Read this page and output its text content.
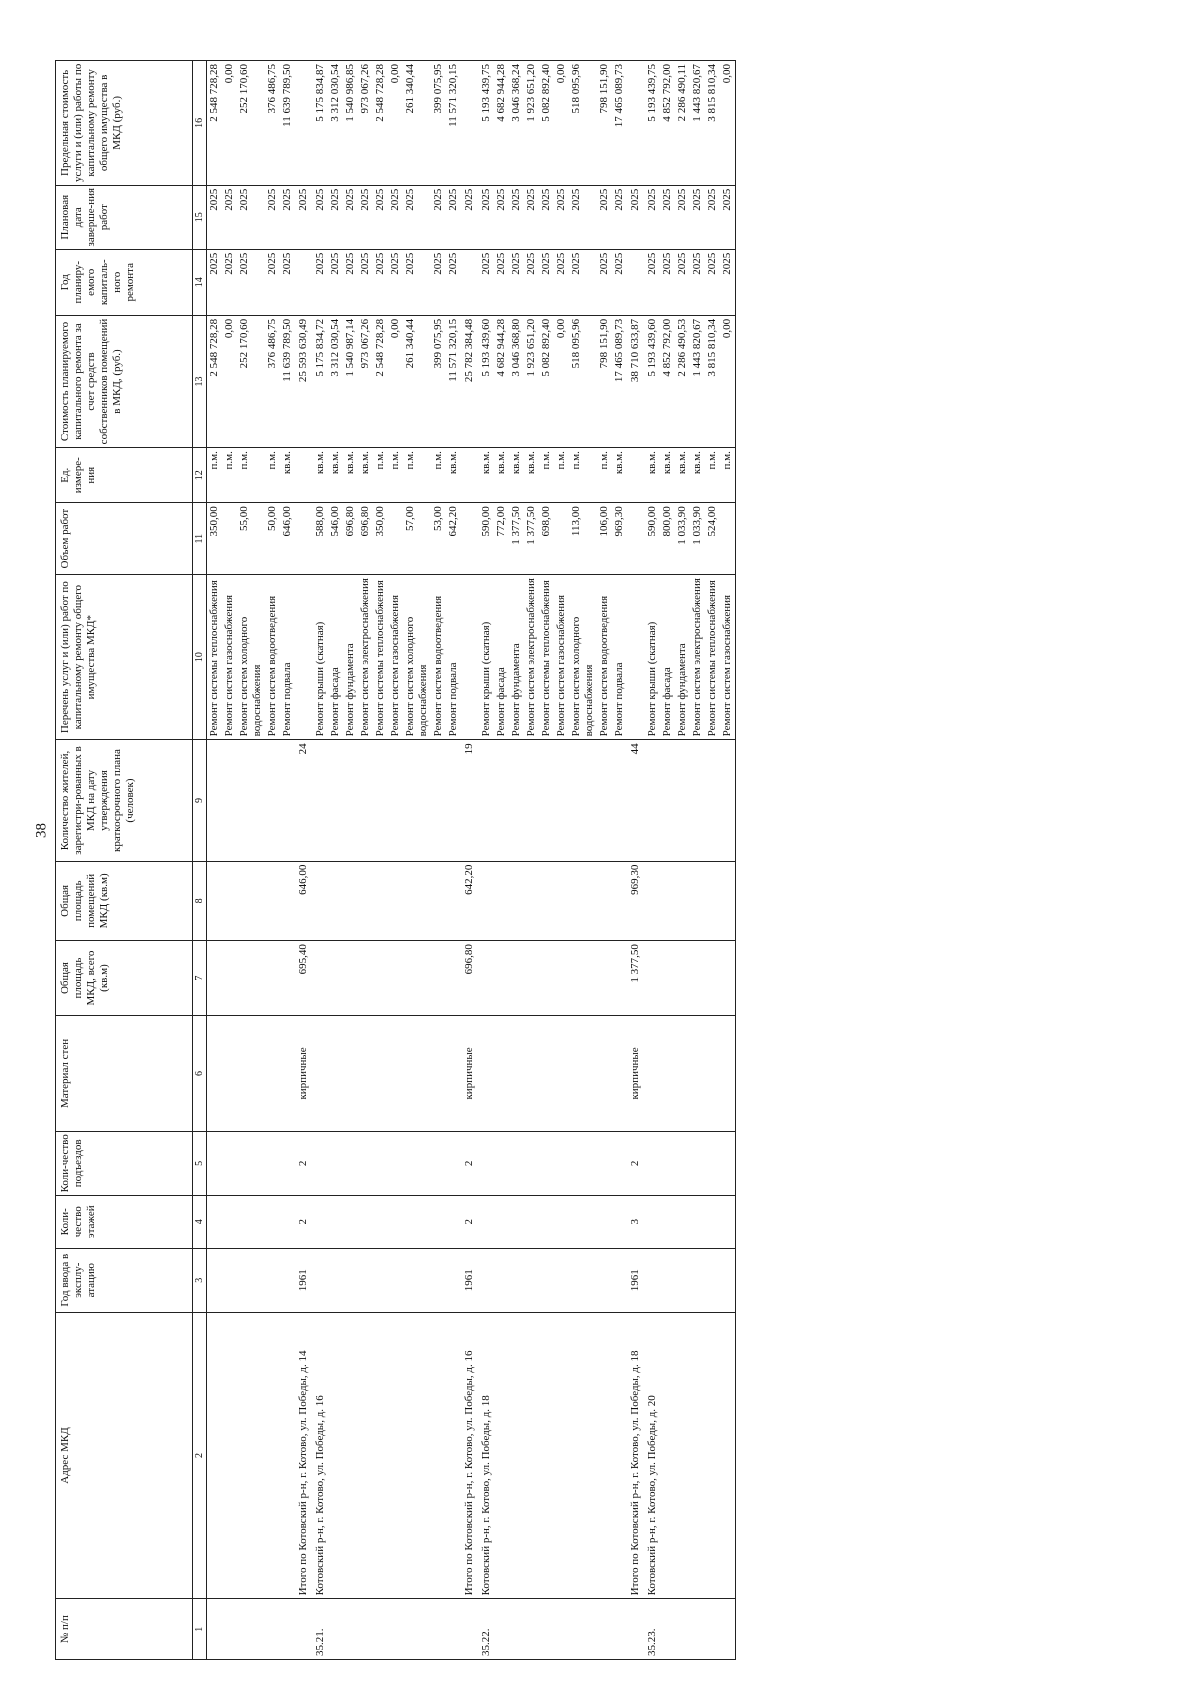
38
№ п/п	Адрес МКД	Год ввода в эксплу-атацию	Коли-чество этажей	Коли-чество подъездов	Материал стен	Общая площадь МКД, всего (кв.м)	Общая площадь помещений МКД (кв.м)	Количество жителей, зарегистри-рованных в МКД на дату утверждения краткосрочного плана (человек)	Перечень услуг и (или) работ по капитальному ремонту общего имущества МКД*	Объем работ	Ед. измере-ния	Стоимость планируемого капитального ремонта за счет средств собственников помещений в МКД, (руб.)	Год планиру-емого капиталь-ного ремонта	Плановая дата заверше-ния работ	Предельная стоимость услуги и (или) работы по капитальному ремонту общего имущества в МКД (руб.)
1	2	3	4	5	6	7	8	9	10	11	12	13	14	15	16
									Ремонт системы теплоснабжения	350,00	п.м.	2 548 728,28	2025	2025	2 548 728,28
									Ремонт систем газоснабжения		п.м.	0,00	2025	2025	0,00
									Ремонт систем холодного водоснабжения	55,00	п.м.	252 170,60	2025	2025	252 170,60
									Ремонт систем водоотведения	50,00	п.м.	376 486,75	2025	2025	376 486,75
									Ремонт подвала	646,00	кв.м.	11 639 789,50	2025	2025	11 639 789,50
	Итого по Котовский р-н, г. Котово, ул. Победы, д. 14	1961	2	2	кирпичные	695,40	646,00	24				25 593 630,49		2025	
35.21.	Котовский р-н, г. Котово, ул. Победы, д. 16								Ремонт крыши (скатная)	588,00	кв.м.	5 175 834,72	2025	2025	5 175 834,87
									Ремонт фасада	546,00	кв.м.	3 312 030,54	2025	2025	3 312 030,54
									Ремонт фундамента	696,80	кв.м.	1 540 987,14	2025	2025	1 540 986,85
									Ремонт систем электроснабжения	696,80	кв.м.	973 067,26	2025	2025	973 067,26
									Ремонт системы теплоснабжения	350,00	п.м.	2 548 728,28	2025	2025	2 548 728,28
									Ремонт систем газоснабжения		п.м.	0,00	2025	2025	0,00
									Ремонт систем холодного водоснабжения	57,00	п.м.	261 340,44	2025	2025	261 340,44
									Ремонт систем водоотведения	53,00	п.м.	399 075,95	2025	2025	399 075,95
									Ремонт подвала	642,20	кв.м.	11 571 320,15	2025	2025	11 571 320,15
	Итого по Котовский р-н, г. Котово, ул. Победы, д. 16	1961	2	2	кирпичные	696,80	642,20	19				25 782 384,48		2025	
35.22.	Котовский р-н, г. Котово, ул. Победы, д. 18								Ремонт крыши (скатная)	590,00	кв.м.	5 193 439,60	2025	2025	5 193 439,75
									Ремонт фасада	772,00	кв.м.	4 682 944,28	2025	2025	4 682 944,28
									Ремонт фундамента	1 377,50	кв.м.	3 046 368,80	2025	2025	3 046 368,24
									Ремонт систем электроснабжения	1 377,50	кв.м.	1 923 651,20	2025	2025	1 923 651,20
									Ремонт системы теплоснабжения	698,00	п.м.	5 082 892,40	2025	2025	5 082 892,40
									Ремонт систем газоснабжения		п.м.	0,00	2025	2025	0,00
									Ремонт систем холодного водоснабжения	113,00	п.м.	518 095,96	2025	2025	518 095,96
									Ремонт систем водоотведения	106,00	п.м.	798 151,90	2025	2025	798 151,90
									Ремонт подвала	969,30	кв.м.	17 465 089,73	2025	2025	17 465 089,73
	Итого по Котовский р-н, г. Котово, ул. Победы, д. 18	1961	3	2	кирпичные	1 377,50	969,30	44				38 710 633,87		2025	
35.23.	Котовский р-н, г. Котово, ул. Победы, д. 20								Ремонт крыши (скатная)	590,00	кв.м.	5 193 439,60	2025	2025	5 193 439,75
									Ремонт фасада	800,00	кв.м.	4 852 792,00	2025	2025	4 852 792,00
									Ремонт фундамента	1 033,90	кв.м.	2 286 490,53	2025	2025	2 286 490,11
									Ремонт систем электроснабжения	1 033,90	кв.м.	1 443 820,67	2025	2025	1 443 820,67
									Ремонт системы теплоснабжения	524,00	п.м.	3 815 810,34	2025	2025	3 815 810,34
									Ремонт систем газоснабжения		п.м.	0,00	2025	2025	0,00
